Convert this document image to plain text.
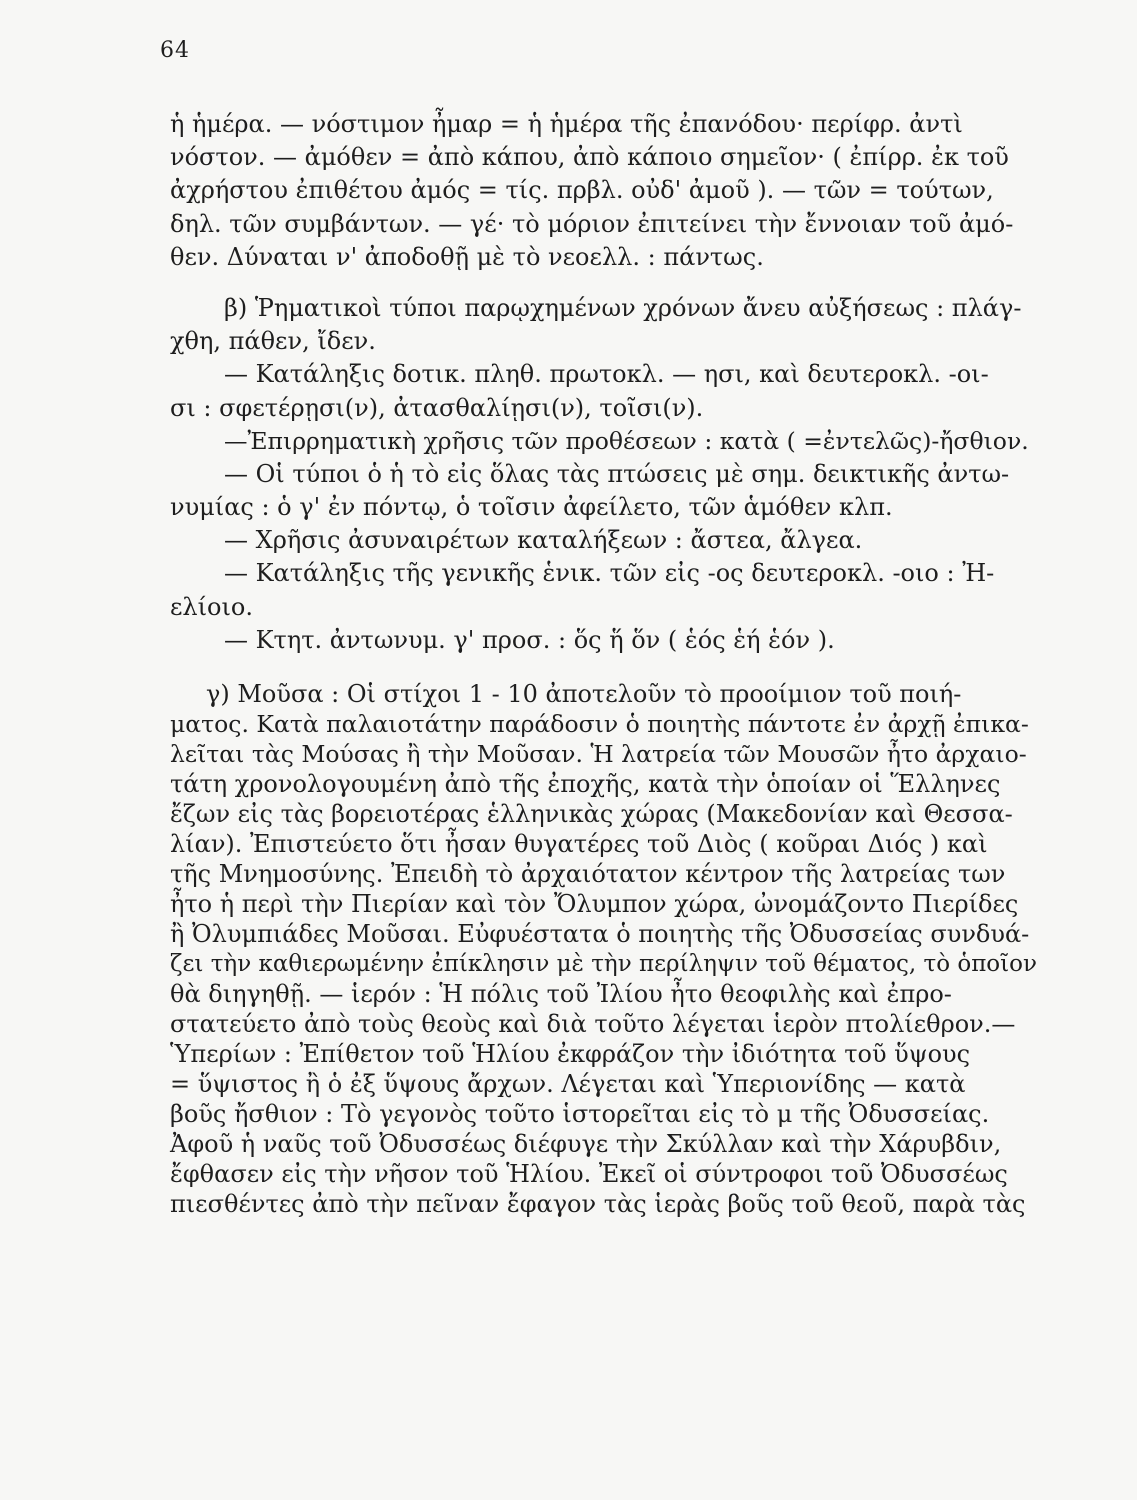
64
ἡ ἡμέρα. — νόστιμον ἦμαρ = ἡ ἡμέρα τῆς ἐπανόδου· περίφρ. ἀντὶ
νόστον. — ἀμόθεν = ἀπὸ κάπου, ἀπὸ κάποιο σημεῖον· ( ἐπίρρ. ἐκ τοῦ
ἀχρήστου ἐπιθέτου ἀμός = τίς. πρβλ. οὐδ' ἀμοῦ ). — τῶν = τούτων,
δηλ. τῶν συμβάντων. — γέ· τὸ μόριον ἐπιτείνει τὴν ἔννοιαν τοῦ ἀμό-
θεν. Δύναται ν' ἀποδοθῇ μὲ τὸ νεοελλ. : πάντως.
β) Ῥηματικοὶ τύποι παρῳχημένων χρόνων ἄνευ αὐξήσεως : πλάγ-
χθη, πάθεν, ἴδεν.
— Κατάληξις δοτικ. πληθ. πρωτοκλ. — ησι, καὶ δευτεροκλ. -οι-
σι : σφετέρῃσι(ν), ἀτασθαλίῃσι(ν), τοῖσι(ν).
—Ἐπιρρηματικὴ χρῆσις τῶν προθέσεων : κατὰ ( =ἐντελῶς)-ἤσθιον.
— Οἱ τύποι ὁ ἡ τὸ εἰς ὅλας τὰς πτώσεις μὲ σημ. δεικτικῆς ἀντω-
νυμίας : ὁ γ' ἐν πόντῳ, ὁ τοῖσιν ἀφείλετο, τῶν ἁμόθεν κλπ.
— Χρῆσις ἀσυναιρέτων καταλήξεων : ἄστεα, ἄλγεα.
— Κατάληξις τῆς γενικῆς ἑνικ. τῶν εἰς -ος δευτεροκλ. -οιο : Ἠ-
ελίοιο.
— Κτητ. ἀντωνυμ. γ' προσ. : ὅς ἥ ὅν ( ἑός ἑή ἑόν ).
γ) Μοῦσα : Οἱ στίχοι 1 - 10 ἀποτελοῦν τὸ προοίμιον τοῦ ποιή-
ματος. Κατὰ παλαιοτάτην παράδοσιν ὁ ποιητὴς πάντοτε ἐν ἀρχῇ ἐπικα-
λεῖται τὰς Μούσας ἢ τὴν Μοῦσαν. Ἡ λατρεία τῶν Μουσῶν ἦτο ἀρχαιο-
τάτη χρονολογουμένη ἀπὸ τῆς ἐποχῆς, κατὰ τὴν ὁποίαν οἱ Ἕλληνες
ἔζων εἰς τὰς βορειοτέρας ἑλληνικὰς χώρας (Μακεδονίαν καὶ Θεσσα-
λίαν). Ἐπιστεύετο ὅτι ἦσαν θυγατέρες τοῦ Διὸς ( κοῦραι Διός ) καὶ
τῆς Μνημοσύνης. Ἐπειδὴ τὸ ἀρχαιότατον κέντρον τῆς λατρείας των
ἦτο ἡ περὶ τὴν Πιερίαν καὶ τὸν Ὄλυμπον χώρα, ὠνομάζοντο Πιερίδες
ἢ Ὀλυμπιάδες Μοῦσαι. Εὐφυέστατα ὁ ποιητὴς τῆς Ὀδυσσείας συνδυά-
ζει τὴν καθιερωμένην ἐπίκλησιν μὲ τὴν περίληψιν τοῦ θέματος, τὸ ὁποῖον
θὰ διηγηθῇ. — ἱερόν : Ἡ πόλις τοῦ Ἰλίου ἦτο θεοφιλὴς καὶ ἐπρο-
στατεύετο ἀπὸ τοὺς θεοὺς καὶ διὰ τοῦτο λέγεται ἱερὸν πτολίεθρον.—
Ὑπερίων : Ἐπίθετον τοῦ Ἡλίου ἐκφράζον τὴν ἰδιότητα τοῦ ὕψους
= ὕψιστος ἢ ὁ ἐξ ὕψους ἄρχων. Λέγεται καὶ Ὑπεριονίδης — κατὰ
βοῦς ἤσθιον : Τὸ γεγονὸς τοῦτο ἱστορεῖται εἰς τὸ μ τῆς Ὀδυσσείας.
Ἀφοῦ ἡ ναῦς τοῦ Ὀδυσσέως διέφυγε τὴν Σκύλλαν καὶ τὴν Χάρυβδιν,
ἔφθασεν εἰς τὴν νῆσον τοῦ Ἡλίου. Ἐκεῖ οἱ σύντροφοι τοῦ Ὀδυσσέως
πιεσθέντες ἀπὸ τὴν πεῖναν ἔφαγον τὰς ἱερὰς βοῦς τοῦ θεοῦ, παρὰ τὰς
